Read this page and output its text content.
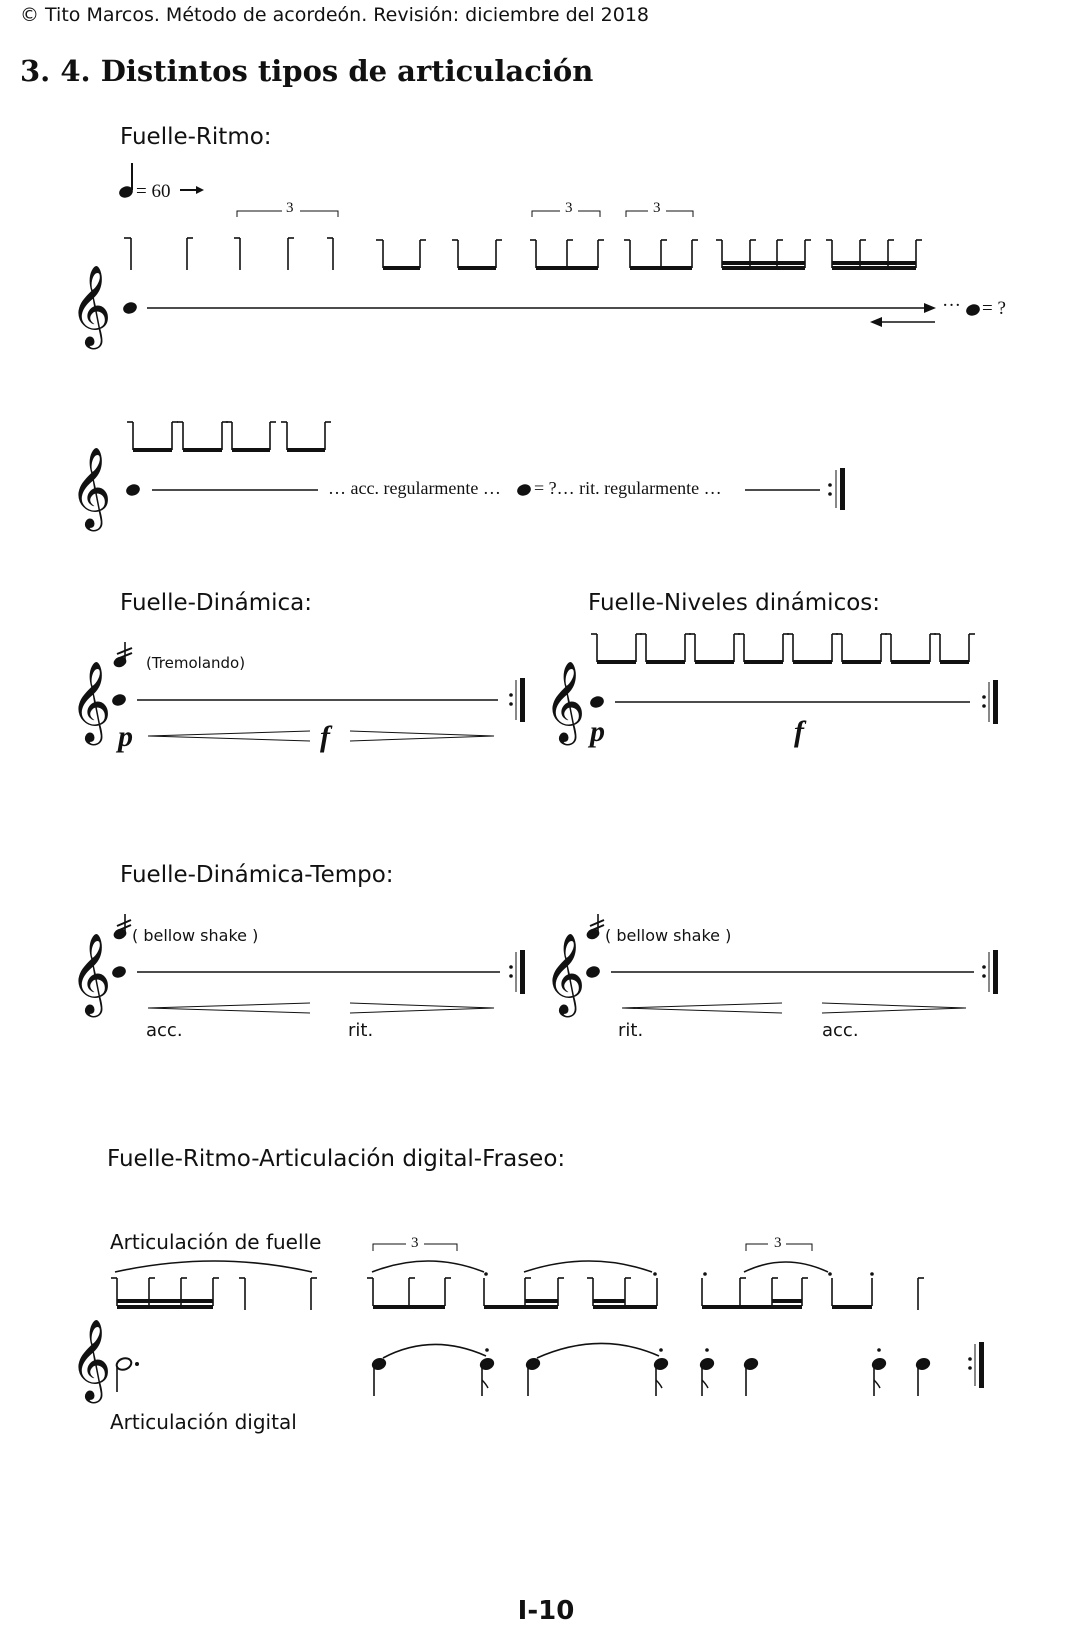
© Tito Marcos. Método de acordeón. Revisión: diciembre del 2018
3. 4. Distintos tipos de articulación
Fuelle-Ritmo:
= 60
3	3	3
··· = ?
𝄞
… acc. regularmente … = ?… rit. regularmente …
𝄞
Fuelle-Dinámica:
(Tremolando)
𝄞 p	f
Fuelle-Niveles dinámicos:
𝄞 p	f
Fuelle-Dinámica-Tempo:
( bellow shake )
𝄞
acc.	rit.
( bellow shake )
𝄞
rit.	acc.
Fuelle-Ritmo-Articulación digital-Fraseo:
Articulación de fuelle	3	3
𝄞
Articulación digital
I-10
